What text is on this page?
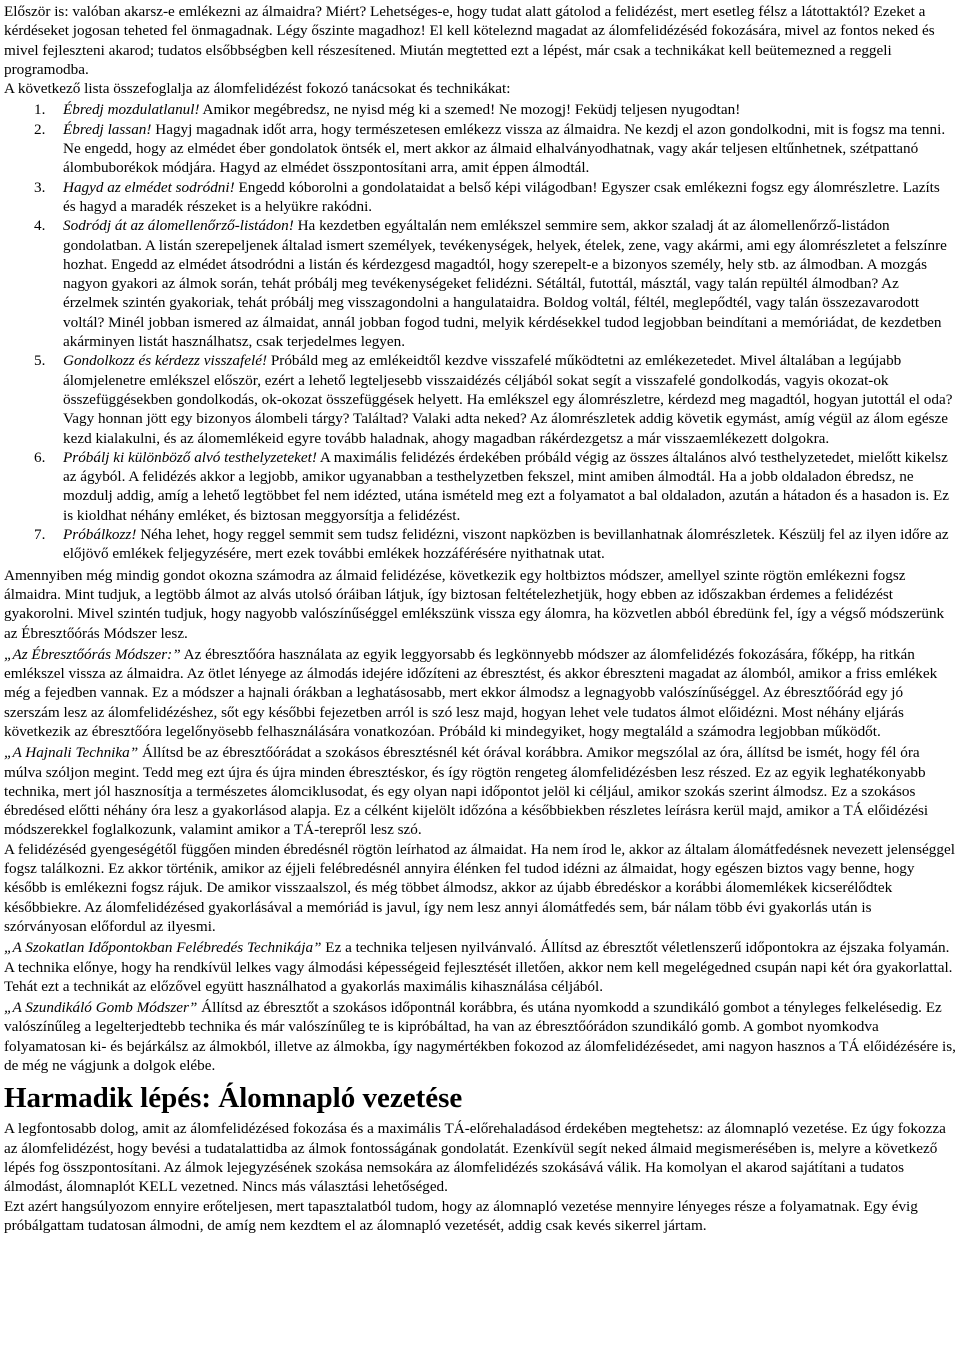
Először is: valóban akarsz-e emlékezni az álmaidra? Miért? Lehetséges-e, hogy tudat alatt gátolod a felidézést, mert esetleg félsz a látottaktól? Ezeket a kérdéseket jogosan teheted fel önmagadnak. Légy őszinte magadhoz! El kell köteleznd magadat az álomfelidézéséd fokozására, mivel az fontos neked és mivel fejleszteni akarod; tudatos elsőbbségben kell részesítened. Miután megtetted ezt a lépést, már csak a technikákat kell beütemezned a reggeli programodba.

A következő lista összefoglalja az álomfelidézést fokozó tanácsokat és technikákat:

1. Ébredj mozdulatlanul! Amikor megébredsz, ne nyisd még ki a szemed! Ne mozogj! Feküdj teljesen nyugodtan!
2. Ébredj lassan! Hagyj magadnak időt arra, hogy természetesen emlékezz vissza az álmaidra. Ne kezdj el azon gondolkodni, mit is fogsz ma tenni. Ne engedd, hogy az elmédet éber gondolatok öntsék el, mert akkor az álmaid elhalványodhatnak, vagy akár teljesen eltűnhetnek, szétpattanó álombuborékok módjára. Hagyd az elmédet összpontosítani arra, amit éppen álmodtál.
3. Hagyd az elmédet sodródni! Engedd kóborolni a gondolataidat a belső képi világodban! Egyszer csak emlékezni fogsz egy álomrészletre. Lazíts és hagyd a maradék részeket is a helyükre rakódni.
4. Sodródj át az álomellenőrző-listádon! Ha kezdetben egyáltalán nem emlékszel semmire sem, akkor szaladj át az álomellenőrző-listádon gondolatban. A listán szerepeljenek általad ismert személyek, tevékenységek, helyek, ételek, zene, vagy akármi, ami egy álomrészletet a felszínre hozhat. Engedd az elmédet átsodródni a listán és kérdezgesd magadtól, hogy szerepelt-e a bizonyos személy, hely stb. az álmodban. A mozgás nagyon gyakori az álmok során, tehát próbálj meg tevékenységeket felidézni. Sétáltál, futottál, másztál, vagy talán repültél álmodban? Az érzelmek szintén gyakoriak, tehát próbálj meg visszagondolni a hangulataidra. Boldog voltál, féltél, meglepődtél, vagy talán összezavarodott voltál? Minél jobban ismered az álmaidat, annál jobban fogod tudni, melyik kérdésekkel tudod legjobban beindítani a memóriádat, de kezdetben akárminyen listát használhatsz, csak terjedelmes legyen.
5. Gondolkozz és kérdezz visszafelé! Próbáld meg az emlékeidtől kezdve visszafelé működtetni az emlékezetedet. Mivel általában a legújabb álomjelenetre emlékszel először, ezért a lehető legteljesebb visszaidézés céljából sokat segít a visszafelé gondolkodás, vagyis okozat-ok összefüggésekben gondolkodás, ok-okozat összefüggések helyett. Ha emlékszel egy álomrészletre, kérdezd meg magadtól, hogyan jutottál el oda? Vagy honnan jött egy bizonyos álombeli tárgy? Találtad? Valaki adta neked? Az álomrészletek addig követik egymást, amíg végül az álom egésze kezd kialakulni, és az álomemlékeid egyre tovább haladnak, ahogy magadban rákérdezgetsz a már visszaemlékezett dolgokra.
6. Próbálj ki különböző alvó testhelyzeteket! A maximális felidézés érdekében próbáld végig az összes általános alvó testhelyzetedet, mielőtt kikelsz az ágyból. A felidézés akkor a legjobb, amikor ugyanabban a testhelyzetben fekszel, mint amiben álmodtál. Ha a jobb oldaladon ébredsz, ne mozdulj addig, amíg a lehető legtöbbet fel nem idézted, utána ismételd meg ezt a folyamatot a bal oldaladon, azután a hátadon és a hasadon is. Ez is kioldhat néhány emléket, és biztosan meggyorsítja a felidézést.
7. Próbálkozz! Néha lehet, hogy reggel semmit sem tudsz felidézni, viszont napközben is bevillanhatnak álomrészletek. Készülj fel az ilyen időre az előjövő emlékek feljegyzésére, mert ezek további emlékek hozzáférésére nyithatnak utat.

Amennyiben még mindig gondot okozna számodra az álmaid felidézése, következik egy holtbiztos módszer, amellyel szinte rögtön emlékezni fogsz álmaidra. Mint tudjuk, a legtöbb álmot az alvás utolsó óráiban látjuk, így biztosan feltételezhetjük, hogy ebben az időszakban érdemes a felidézést gyakorolni. Mivel szintén tudjuk, hogy nagyobb valószínűséggel emlékszünk vissza egy álomra, ha közvetlen abból ébredünk fel, így a végső módszerünk az Ébresztőórás Módszer lesz.

„Az Ébresztőórás Módszer:” Az ébresztőóra használata az egyik leggyorsabb és legkönnyebb módszer az álomfelidézés fokozására, főképp, ha ritkán emlékszel vissza az álmaidra. Az ötlet lényege az álmodás idejére időzíteni az ébresztést, és akkor ébreszteni magadat az álomból, amikor a friss emlékek még a fejedben vannak. Ez a módszer a hajnali órákban a leghatásosabb, mert ekkor álmodsz a legnagyobb valószínűséggel. Az ébresztőórád egy jó szerszám lesz az álomfelidézéshez, sőt egy későbbi fejezetben arról is szó lesz majd, hogyan lehet vele tudatos álmot előidézni. Most néhány eljárás következik az ébresztőóra legelőnyösebb felhasználására vonatkozóan. Próbáld ki mindegyiket, hogy megtaláld a számodra legjobban működőt.

„A Hajnali Technika” Állítsd be az ébresztőórádat a szokásos ébresztésnél két órával korábbra. Amikor megszólal az óra, állítsd be ismét, hogy fél óra múlva szóljon megint. Tedd meg ezt újra és újra minden ébresztéskor, és így rögtön rengeteg álomfelidézésben lesz részed. Ez az egyik leghatékonyabb technika, mert jól hasznosítja a természetes álomciklusodat, és egy olyan napi időpontot jelöl ki céljául, amikor szokás szerint álmodsz. Ez a szokásos ébredésed előtti néhány óra lesz a gyakorlásod alapja. Ez a célként kijelölt időzóna a későbbiekben részletes leírásra kerül majd, amikor a TÁ előidézési módszerekkel foglalkozunk, valamint amikor a TÁ-terepről lesz szó.

A felidézéséd gyengeségétől függően minden ébredésnél rögtön leírhatod az álmaidat. Ha nem írod le, akkor az általam álomátfedésnek nevezett jelenséggel fogsz találkozni. Ez akkor történik, amikor az éjjeli felébredésnél annyira élénken fel tudod idézni az álmaidat, hogy egészen biztos vagy benne, hogy később is emlékezni fogsz rájuk. De amikor visszaalszol, és még többet álmodsz, akkor az újabb ébredéskor a korábbi álomemlékek kicserélődtek későbbiekre. Az álomfelidézésed gyakorlásával a memóriád is javul, így nem lesz annyi álomátfedés sem, bár nálam több évi gyakorlás után is szórványosan előfordul az ilyesmi.

„A Szokatlan Időpontokban Felébredés Technikája” Ez a technika teljesen nyilvánvaló. Állítsd az ébresztőt véletlenszerű időpontokra az éjszaka folyamán. A technika előnye, hogy ha rendkívül lelkes vagy álmodási képességeid fejlesztését illetően, akkor nem kell megelégedned csupán napi két óra gyakorlattal. Tehát ezt a technikát az előzővel együtt használhatod a gyakorlás maximális kihasználása céljából.

„A Szundikáló Gomb Módszer” Állítsd az ébresztőt a szokásos időpontnál korábbra, és utána nyomkodd a szundikáló gombot a tényleges felkelésedig. Ez valószínűleg a legelterjedtebb technika és már valószínűleg te is kipróbáltad, ha van az ébresztőórádon szundikáló gomb. A gombot nyomkodva folyamatosan ki- és bejárkálsz az álmokból, illetve az álmokba, így nagymértékben fokozod az álomfelidézésedet, ami nagyon hasznos a TÁ előidézésére is, de még ne vágjunk a dolgok elébe.

Harmadik lépés: Álomnapló vezetése

A legfontosabb dolog, amit az álomfelidézésed fokozása és a maximális TÁ-előrehaladásod érdekében megtehetsz: az álomnapló vezetése. Ez úgy fokozza az álomfelidézést, hogy bevési a tudatalattidba az álmok fontosságának gondolatát. Ezenkívül segít neked álmaid megismerésében is, melyre a következő lépés fog összpontosítani. Az álmok lejegyzésének szokása nemsokára az álomfelidézés szokásává válik. Ha komolyan el akarod sajátítani a tudatos álmodást, álomnaplót KELL vezetned. Nincs más választási lehetőséged.

Ezt azért hangsúlyozom ennyire erőteljesen, mert tapasztalatból tudom, hogy az álomnapló vezetése mennyire lényeges része a folyamatnak. Egy évig próbálgattam tudatosan álmodni, de amíg nem kezdtem el az álomnapló vezetését, addig csak kevés sikerrel jártam.
